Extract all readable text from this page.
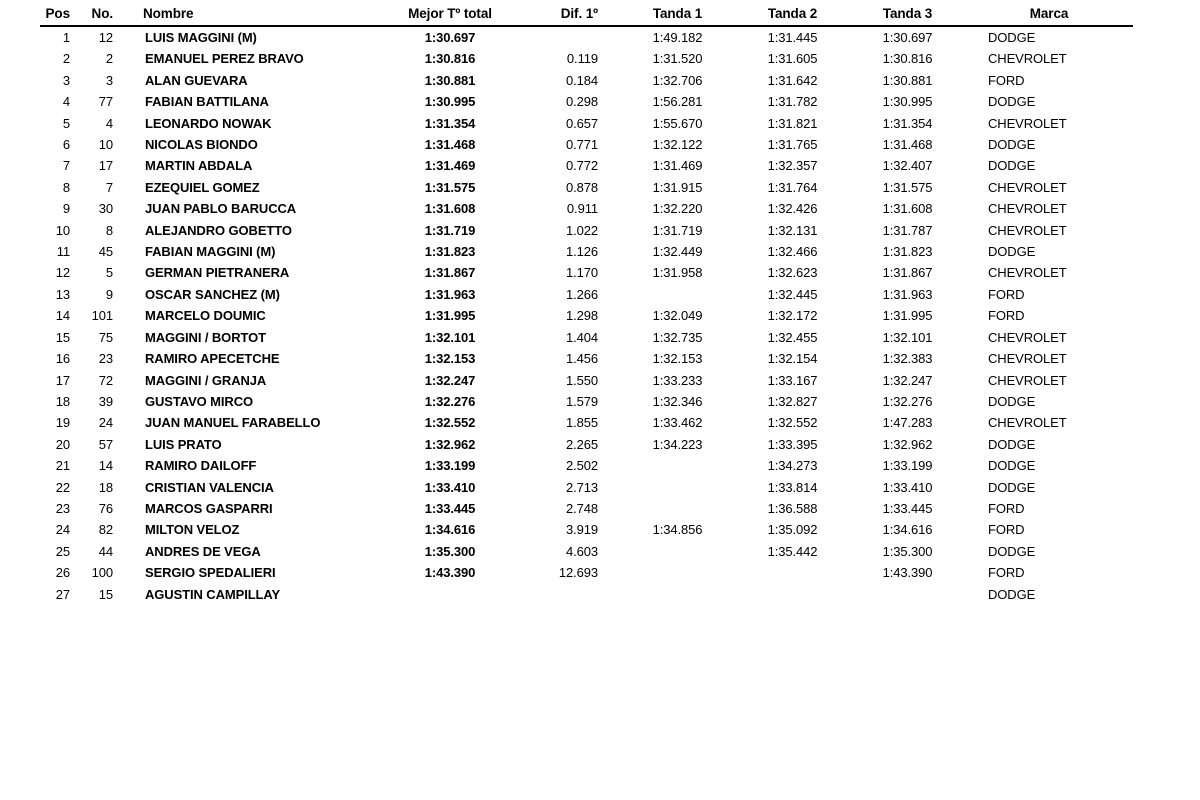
Pos	No.	Nombre	Mejor Tº total	Dif. 1º	Tanda 1	Tanda 2	Tanda 3	Marca
1	12	LUIS MAGGINI (M)	1:30.697		1:49.182	1:31.445	1:30.697	DODGE
2	2	EMANUEL PEREZ BRAVO	1:30.816	0.119	1:31.520	1:31.605	1:30.816	CHEVROLET
3	3	ALAN GUEVARA	1:30.881	0.184	1:32.706	1:31.642	1:30.881	FORD
4	77	FABIAN BATTILANA	1:30.995	0.298	1:56.281	1:31.782	1:30.995	DODGE
5	4	LEONARDO NOWAK	1:31.354	0.657	1:55.670	1:31.821	1:31.354	CHEVROLET
6	10	NICOLAS BIONDO	1:31.468	0.771	1:32.122	1:31.765	1:31.468	DODGE
7	17	MARTIN ABDALA	1:31.469	0.772	1:31.469	1:32.357	1:32.407	DODGE
8	7	EZEQUIEL GOMEZ	1:31.575	0.878	1:31.915	1:31.764	1:31.575	CHEVROLET
9	30	JUAN PABLO BARUCCA	1:31.608	0.911	1:32.220	1:32.426	1:31.608	CHEVROLET
10	8	ALEJANDRO GOBETTO	1:31.719	1.022	1:31.719	1:32.131	1:31.787	CHEVROLET
11	45	FABIAN MAGGINI (M)	1:31.823	1.126	1:32.449	1:32.466	1:31.823	DODGE
12	5	GERMAN PIETRANERA	1:31.867	1.170	1:31.958	1:32.623	1:31.867	CHEVROLET
13	9	OSCAR SANCHEZ (M)	1:31.963	1.266		1:32.445	1:31.963	FORD
14	101	MARCELO DOUMIC	1:31.995	1.298	1:32.049	1:32.172	1:31.995	FORD
15	75	MAGGINI / BORTOT	1:32.101	1.404	1:32.735	1:32.455	1:32.101	CHEVROLET
16	23	RAMIRO APECETCHE	1:32.153	1.456	1:32.153	1:32.154	1:32.383	CHEVROLET
17	72	MAGGINI / GRANJA	1:32.247	1.550	1:33.233	1:33.167	1:32.247	CHEVROLET
18	39	GUSTAVO MIRCO	1:32.276	1.579	1:32.346	1:32.827	1:32.276	DODGE
19	24	JUAN MANUEL FARABELLO	1:32.552	1.855	1:33.462	1:32.552	1:47.283	CHEVROLET
20	57	LUIS PRATO	1:32.962	2.265	1:34.223	1:33.395	1:32.962	DODGE
21	14	RAMIRO DAILOFF	1:33.199	2.502		1:34.273	1:33.199	DODGE
22	18	CRISTIAN VALENCIA	1:33.410	2.713		1:33.814	1:33.410	DODGE
23	76	MARCOS GASPARRI	1:33.445	2.748		1:36.588	1:33.445	FORD
24	82	MILTON VELOZ	1:34.616	3.919	1:34.856	1:35.092	1:34.616	FORD
25	44	ANDRES DE VEGA	1:35.300	4.603		1:35.442	1:35.300	DODGE
26	100	SERGIO SPEDALIERI	1:43.390	12.693			1:43.390	FORD
27	15	AGUSTIN CAMPILLAY						DODGE
